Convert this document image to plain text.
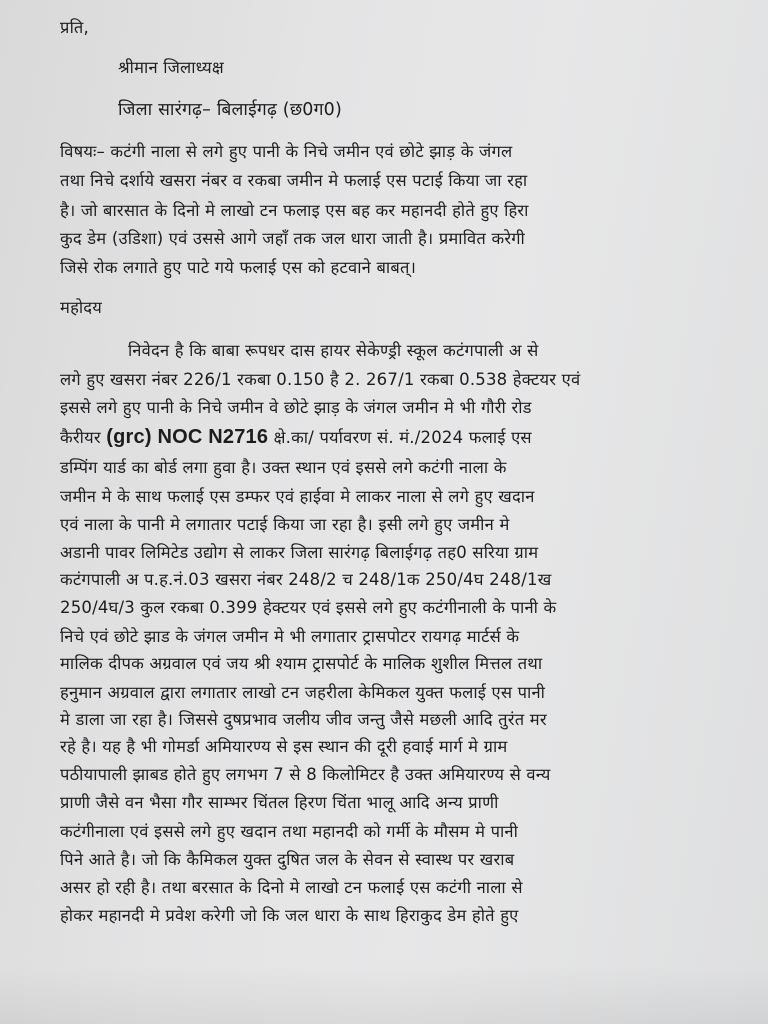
प्रति,
श्रीमान जिलाध्यक्ष
जिला सारंगढ़– बिलाईगढ़ (छ0ग0)
विषयः– कटंगी नाला से लगे हुए पानी के निचे जमीन एवं छोटे झाड़ के जंगल
तथा निचे दर्शाये खसरा नंबर व रकबा जमीन मे फलाई एस पटाई किया जा रहा
है। जो बारसात के दिनो मे लाखो टन फलाइ एस बह कर महानदी होते हुए हिरा
कुद डेम (उडिशा) एवं उससे आगे जहाँ तक जल धारा जाती है। प्रमावित करेगी
जिसे रोक लगाते हुए पाटे गये फलाई एस को हटवाने बाबत्।
महोदय
निवेदन है कि बाबा रूपधर दास हायर सेकेण्ड्री स्कूल कटंगपाली अ से
लगे हुए खसरा नंबर 226/1 रकबा 0.150 है 2. 267/1 रकबा 0.538 हेक्टयर एवं
इससे लगे हुए पानी के निचे जमीन वे छोटे झाड़ के जंगल जमीन मे भी गौरी रोड
कैरीयर (grc) NOC N2716 क्षे.का/ पर्यावरण सं. मं./2024 फलाई एस
डम्पिंग यार्ड का बोर्ड लगा हुवा है। उक्त स्थान एवं इससे लगे कटंगी नाला के
जमीन मे के साथ फलाई एस डम्फर एवं हाईवा मे लाकर नाला से लगे हुए खदान
एवं नाला के पानी मे लगातार पटाई किया जा रहा है। इसी लगे हुए जमीन मे
अडानी पावर लिमिटेड उद्योग से लाकर जिला सारंगढ़ बिलाईगढ़ तह0 सरिया ग्राम
कटंगपाली अ प.ह.नं.03 खसरा नंबर 248/2 च 248/1क 250/4घ 248/1ख
250/4घ/3 कुल रकबा 0.399 हेक्टयर एवं इससे लगे हुए कटंगीनाली के पानी के
निचे एवं छोटे झाड के जंगल जमीन मे भी लगातार ट्रासपोटर रायगढ़ मार्टर्स के
मालिक दीपक अग्रवाल एवं जय श्री श्याम ट्रासपोर्ट के मालिक शुशील मित्तल तथा
हनुमान अग्रवाल द्वारा लगातार लाखो टन जहरीला केमिकल युक्त फलाई एस पानी
मे डाला जा रहा है। जिससे दुषप्रभाव जलीय जीव जन्तु जैसे मछली आदि तुरंत मर
रहे है। यह है भी गोमर्डा अमियारण्य से इस स्थान की दूरी हवाई मार्ग मे ग्राम
पठीयापाली झाबड होते हुए लगभग 7 से 8 किलोमिटर है उक्त अमियारण्य से वन्य
प्राणी जैसे वन भैसा गौर साम्भर चिंतल हिरण चिंता भालू आदि अन्य प्राणी
कटंगीनाला एवं इससे लगे हुए खदान तथा महानदी को गर्मी के मौसम मे पानी
पिने आते है। जो कि कैमिकल युक्त दुषित जल के सेवन से स्वास्थ पर खराब
असर हो रही है। तथा बरसात के दिनो मे लाखो टन फलाई एस कटंगी नाला से
होकर महानदी मे प्रवेश करेगी जो कि जल धारा के साथ हिराकुद डेम होते हुए
